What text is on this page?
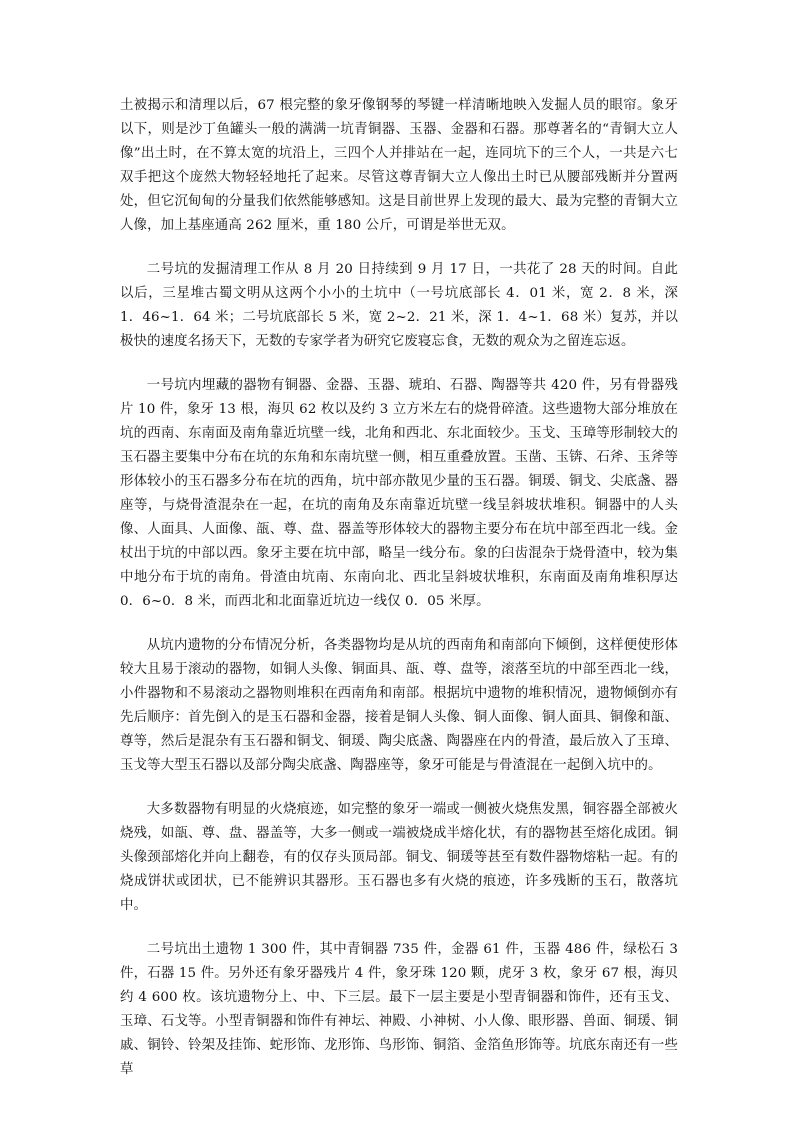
土被揭示和清理以后，67 根完整的象牙像钢琴的琴键一样清晰地映入发掘人员的眼帘。象牙以下，则是沙丁鱼罐头一般的满满一坑青铜器、玉器、金器和石器。那尊著名的“青铜大立人像”出土时，在不算太宽的坑沿上，三四个人并排站在一起，连同坑下的三个人，一共是六七双手把这个庞然大物轻轻地托了起来。尽管这尊青铜大立人像出土时已从腰部残断并分置两处，但它沉甸甸的分量我们依然能够感知。这是目前世界上发现的最大、最为完整的青铜大立人像，加上基座通高 262 厘米，重 180 公斤，可谓是举世无双。

二号坑的发掘清理工作从 8 月 20 日持续到 9 月 17 日，一共花了 28 天的时间。自此以后，三星堆古蜀文明从这两个小小的土坑中（一号坑底部长 4．01 米，宽 2．8 米，深 1．46~1．64 米；二号坑底部长 5 米，宽 2~2．21 米，深 1．4~1．68 米）复苏，并以极快的速度名扬天下，无数的专家学者为研究它废寝忘食，无数的观众为之留连忘返。

一号坑内埋藏的器物有铜器、金器、玉器、琥珀、石器、陶器等共 420 件，另有骨器残片 10 件，象牙 13 根，海贝 62 枚以及约 3 立方米左右的烧骨碎渣。这些遗物大部分堆放在坑的西南、东南面及南角靠近坑壁一线，北角和西北、东北面较少。玉戈、玉璋等形制较大的玉石器主要集中分布在坑的东角和东南坑壁一侧，相互重叠放置。玉凿、玉锛、石斧、玉斧等形体较小的玉石器多分布在坑的西角，坑中部亦散见少量的玉石器。铜瑗、铜戈、尖底盏、器座等，与烧骨渣混杂在一起，在坑的南角及东南靠近坑壁一线呈斜坡状堆积。铜器中的人头像、人面具、人面像、瓿、尊、盘、器盖等形体较大的器物主要分布在坑中部至西北一线。金杖出于坑的中部以西。象牙主要在坑中部，略呈一线分布。象的臼齿混杂于烧骨渣中，较为集中地分布于坑的南角。骨渣由坑南、东南向北、西北呈斜坡状堆积，东南面及南角堆积厚达 0．6~0．8 米，而西北和北面靠近坑边一线仅 0．05 米厚。

从坑内遗物的分布情况分析，各类器物均是从坑的西南角和南部向下倾倒，这样便使形体较大且易于滚动的器物，如铜人头像、铜面具、瓿、尊、盘等，滚落至坑的中部至西北一线，小件器物和不易滚动之器物则堆积在西南角和南部。根据坑中遗物的堆积情况，遗物倾倒亦有先后顺序：首先倒入的是玉石器和金器，接着是铜人头像、铜人面像、铜人面具、铜像和瓿、尊等，然后是混杂有玉石器和铜戈、铜瑗、陶尖底盏、陶器座在内的骨渣，最后放入了玉璋、玉戈等大型玉石器以及部分陶尖底盏、陶器座等，象牙可能是与骨渣混在一起倒入坑中的。

大多数器物有明显的火烧痕迹，如完整的象牙一端或一侧被火烧焦发黑，铜容器全部被火烧残，如瓿、尊、盘、器盖等，大多一侧或一端被烧成半熔化状，有的器物甚至熔化成团。铜头像颈部熔化并向上翻卷，有的仅存头顶局部。铜戈、铜瑗等甚至有数件器物熔粘一起。有的烧成饼状或团状，已不能辨识其器形。玉石器也多有火烧的痕迹，许多残断的玉石，散落坑中。

二号坑出土遗物 1 300 件，其中青铜器 735 件，金器 61 件，玉器 486 件，绿松石 3 件，石器 15 件。另外还有象牙器残片 4 件，象牙珠 120 颗，虎牙 3 枚，象牙 67 根，海贝约 4 600 枚。该坑遗物分上、中、下三层。最下一层主要是小型青铜器和饰件，还有玉戈、玉璋、石戈等。小型青铜器和饰件有神坛、神殿、小神树、小人像、眼形器、兽面、铜瑗、铜戚、铜铃、铃架及挂饰、蛇形饰、龙形饰、鸟形饰、铜箔、金箔鱼形饰等。坑底东南还有一些草
